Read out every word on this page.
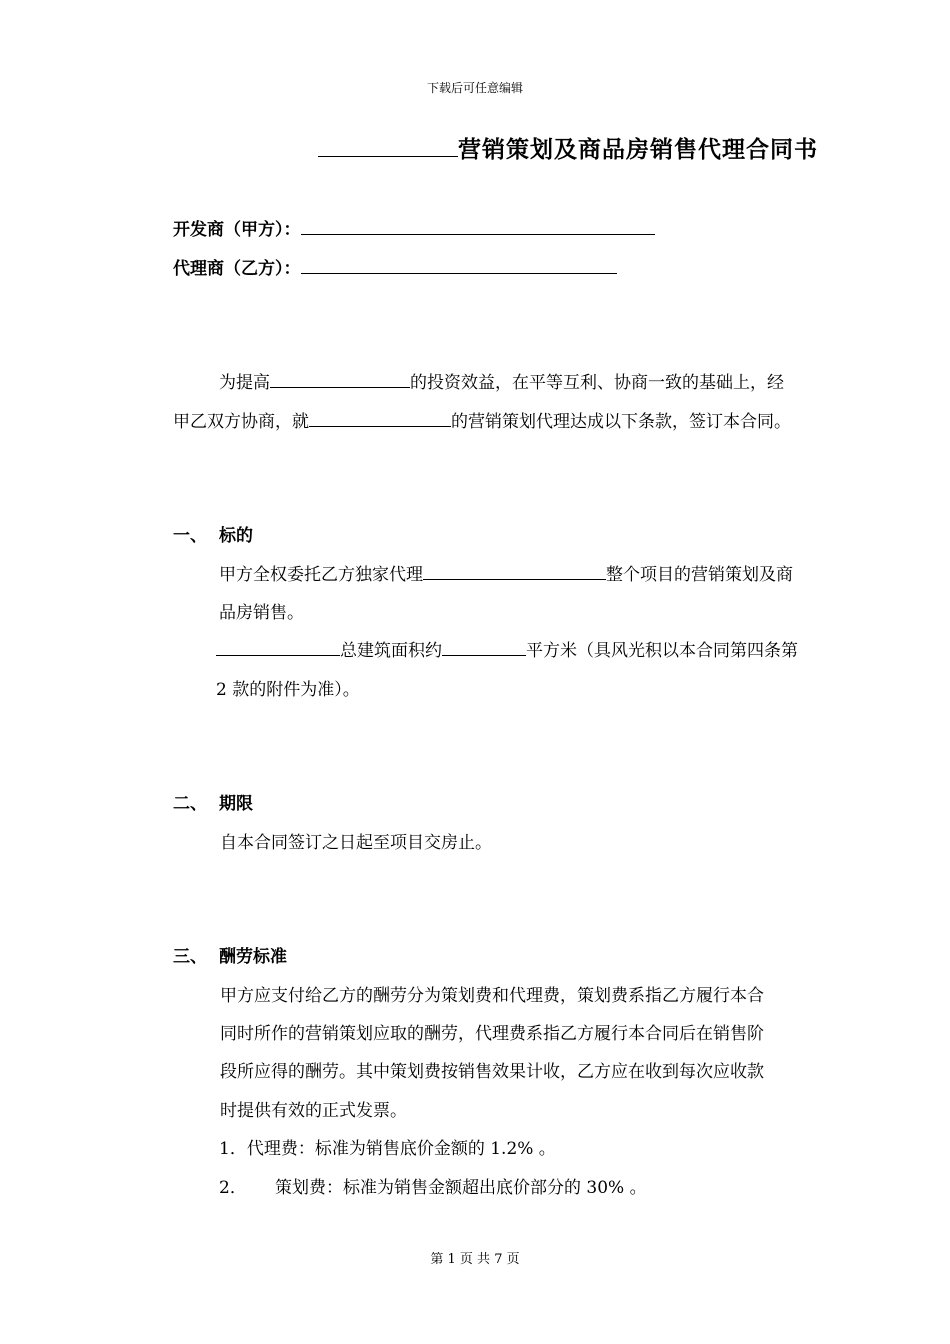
下载后可任意编辑
营销策划及商品房销售代理合同书
开发商（甲方）：
代理商（乙方）：
为提高	的投资效益，在平等互利、协商一致的基础上，经
甲乙双方协商，就	的营销策划代理达成以下条款，签订本合同。
一、 标的
甲方全权委托乙方独家代理	整个项目的营销策划及商
品房销售。
总建筑面积约	平方米（具风光积以本合同第四条第
2 款的附件为准）。
二、 期限
自本合同签订之日起至项目交房止。
三、 酬劳标准
甲方应支付给乙方的酬劳分为策划费和代理费，策划费系指乙方履行本合
同时所作的营销策划应取的酬劳，代理费系指乙方履行本合同后在销售阶
段所应得的酬劳。其中策划费按销售效果计收，乙方应在收到每次应收款
时提供有效的正式发票。
1．代理费：标准为销售底价金额的 1.2% 。
2． 策划费：标准为销售金额超出底价部分的 30% 。
第 1 页 共 7 页
